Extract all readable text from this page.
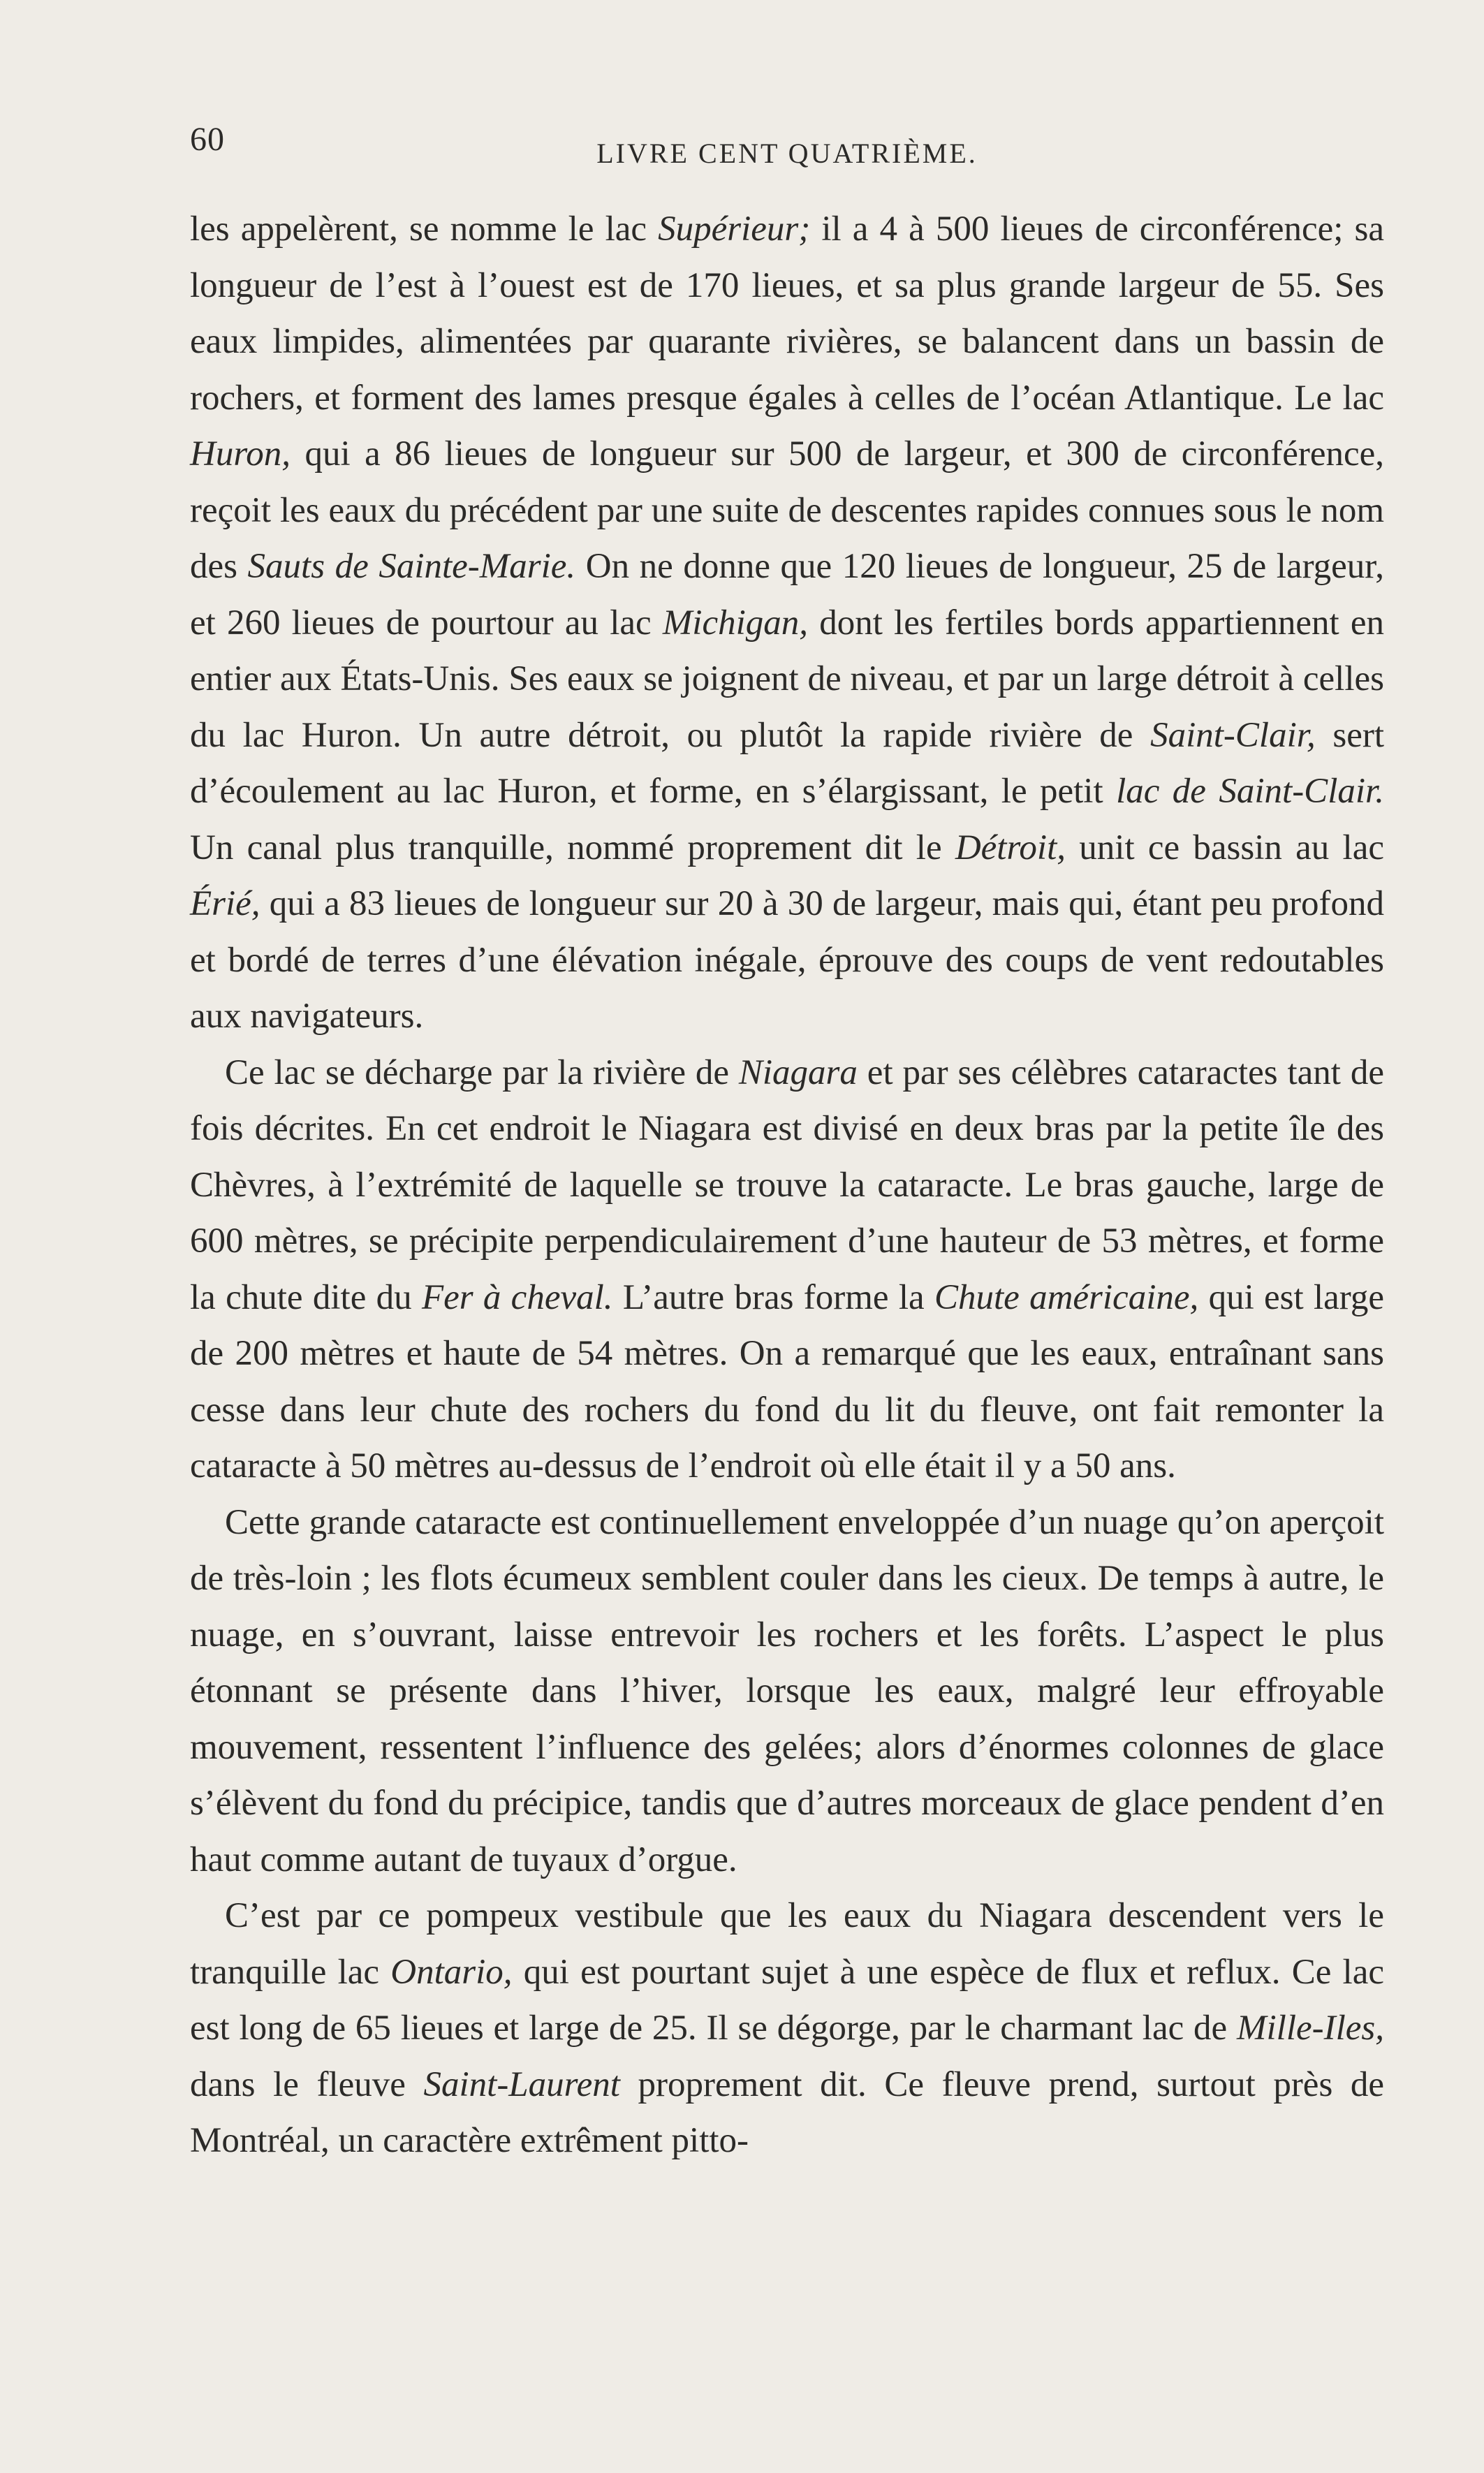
60	LIVRE CENT QUATRIÈME.

les appelèrent, se nomme le lac Supérieur; il a 4 à 500 lieues de circonférence; sa longueur de l’est à l’ouest est de 170 lieues, et sa plus grande largeur de 55. Ses eaux limpides, alimentées par quarante rivières, se balancent dans un bassin de rochers, et forment des lames presque égales à celles de l’océan Atlantique. Le lac Huron, qui a 86 lieues de longueur sur 500 de largeur, et 300 de circonférence, reçoit les eaux du précédent par une suite de descentes rapides connues sous le nom des Sauts de Sainte-Marie. On ne donne que 120 lieues de longueur, 25 de largeur, et 260 lieues de pourtour au lac Michigan, dont les fertiles bords appartiennent en entier aux États-Unis. Ses eaux se joignent de niveau, et par un large détroit à celles du lac Huron. Un autre détroit, ou plutôt la rapide rivière de Saint-Clair, sert d’écoulement au lac Huron, et forme, en s’élargissant, le petit lac de Saint-Clair. Un canal plus tranquille, nommé proprement dit le Détroit, unit ce bassin au lac Érié, qui a 83 lieues de longueur sur 20 à 30 de largeur, mais qui, étant peu profond et bordé de terres d’une élévation inégale, éprouve des coups de vent redoutables aux navigateurs.

Ce lac se décharge par la rivière de Niagara et par ses célèbres cataractes tant de fois décrites. En cet endroit le Niagara est divisé en deux bras par la petite île des Chèvres, à l’extrémité de laquelle se trouve la cataracte. Le bras gauche, large de 600 mètres, se précipite perpendiculairement d’une hauteur de 53 mètres, et forme la chute dite du Fer à cheval. L’autre bras forme la Chute américaine, qui est large de 200 mètres et haute de 54 mètres. On a remarqué que les eaux, entraînant sans cesse dans leur chute des rochers du fond du lit du fleuve, ont fait remonter la cataracte à 50 mètres au-dessus de l’endroit où elle était il y a 50 ans.

Cette grande cataracte est continuellement enveloppée d’un nuage qu’on aperçoit de très-loin ; les flots écumeux semblent couler dans les cieux. De temps à autre, le nuage, en s’ouvrant, laisse entrevoir les rochers et les forêts. L’aspect le plus étonnant se présente dans l’hiver, lorsque les eaux, malgré leur effroyable mouvement, ressentent l’influence des gelées; alors d’énormes colonnes de glace s’élèvent du fond du précipice, tandis que d’autres morceaux de glace pendent d’en haut comme autant de tuyaux d’orgue.

C’est par ce pompeux vestibule que les eaux du Niagara descendent vers le tranquille lac Ontario, qui est pourtant sujet à une espèce de flux et reflux. Ce lac est long de 65 lieues et large de 25. Il se dégorge, par le charmant lac de Mille-Iles, dans le fleuve Saint-Laurent proprement dit. Ce fleuve prend, surtout près de Montréal, un caractère extrêment pitto-
